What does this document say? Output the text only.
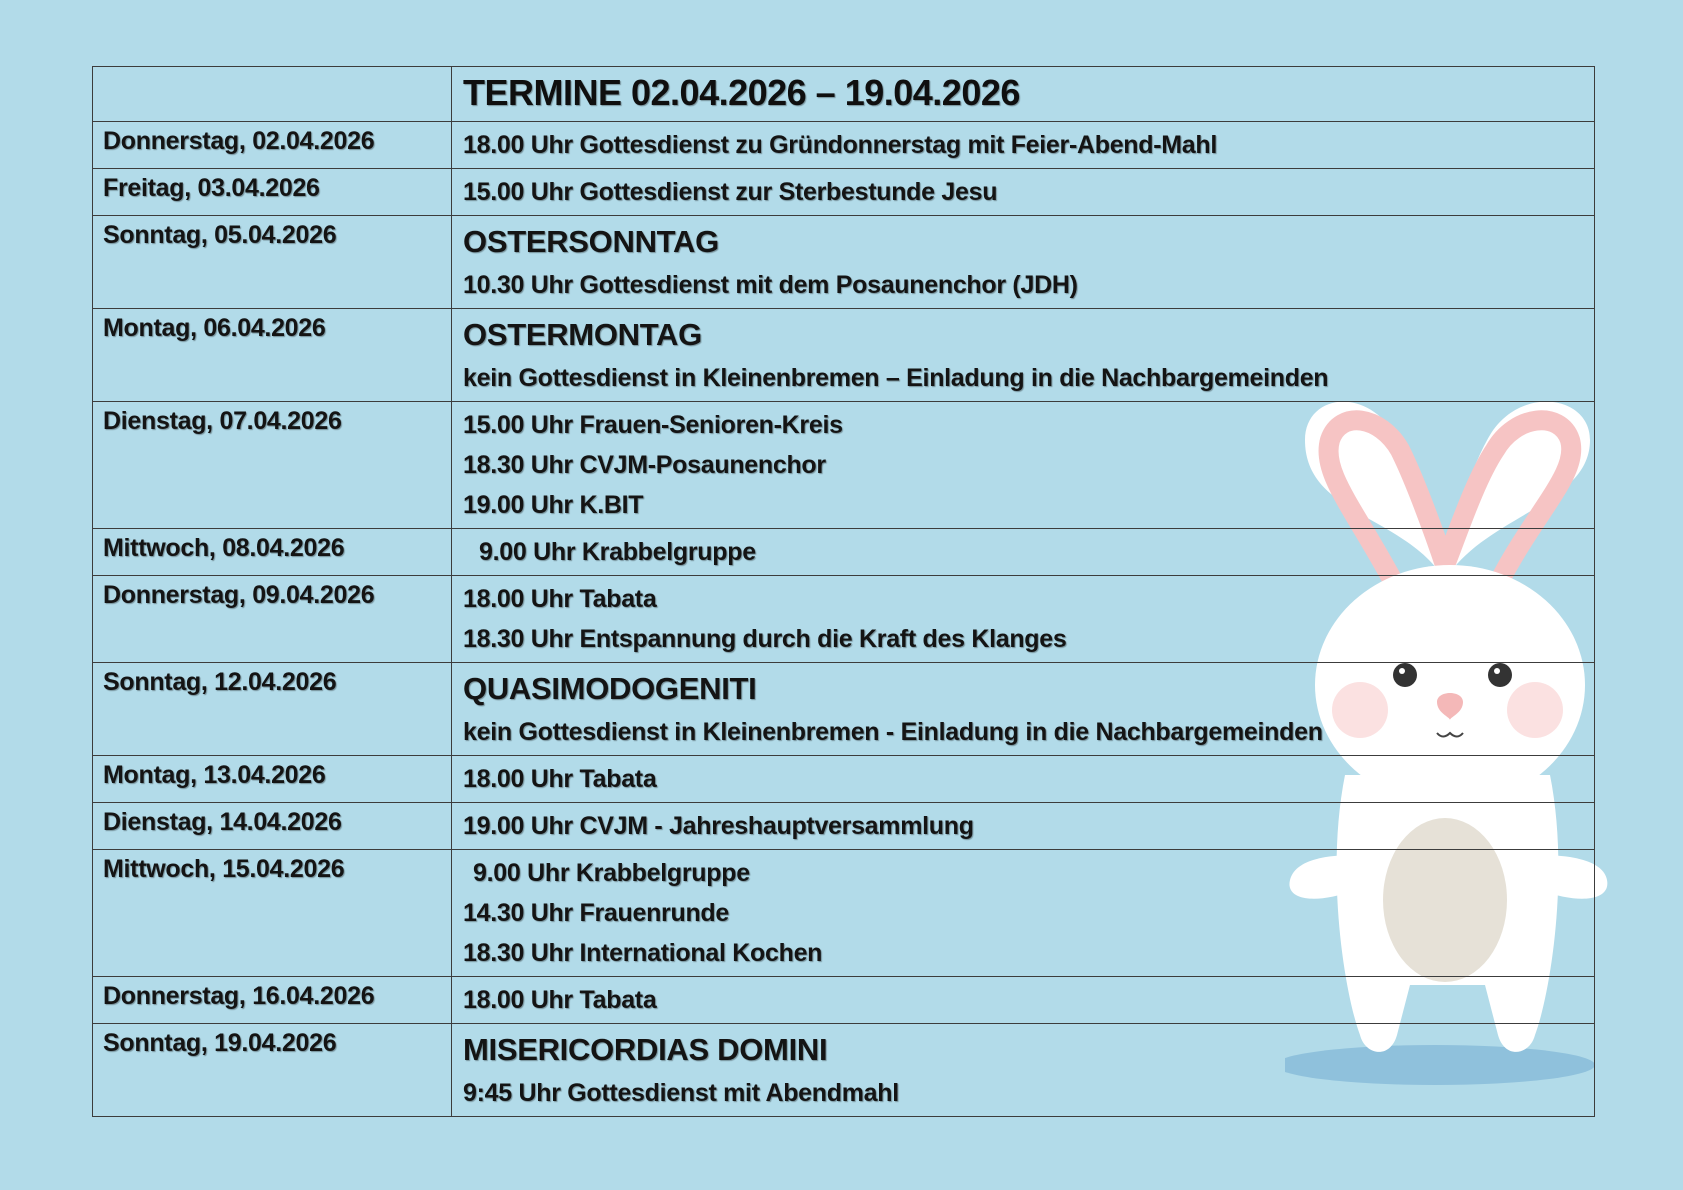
	TERMINE 02.04.2026 – 19.04.2026

Donnerstag, 02.04.2026	18.00 Uhr Gottesdienst zu Gründonnerstag mit Feier-Abend-Mahl

Freitag, 03.04.2026	15.00 Uhr Gottesdienst zur Sterbestunde Jesu

Sonntag, 05.04.2026	OSTERSONNTAG
10.30 Uhr Gottesdienst mit dem Posaunenchor (JDH)

Montag, 06.04.2026	OSTERMONTAG
kein Gottesdienst in Kleinenbremen – Einladung in die Nachbargemeinden

Dienstag, 07.04.2026	15.00 Uhr Frauen-Senioren-Kreis
18.30 Uhr CVJM-Posaunenchor
19.00 Uhr K.BIT

Mittwoch, 08.04.2026	9.00 Uhr Krabbelgruppe

Donnerstag, 09.04.2026	18.00 Uhr Tabata
18.30 Uhr Entspannung durch die Kraft des Klanges

Sonntag, 12.04.2026	QUASIMODOGENITI
kein Gottesdienst in Kleinenbremen - Einladung in die Nachbargemeinden

Montag, 13.04.2026	18.00 Uhr Tabata

Dienstag, 14.04.2026	19.00 Uhr CVJM - Jahreshauptversammlung

Mittwoch, 15.04.2026	9.00 Uhr Krabbelgruppe
14.30 Uhr Frauenrunde
18.30 Uhr International Kochen

Donnerstag, 16.04.2026	18.00 Uhr Tabata

Sonntag, 19.04.2026	MISERICORDIAS DOMINI
9:45 Uhr Gottesdienst mit Abendmahl
